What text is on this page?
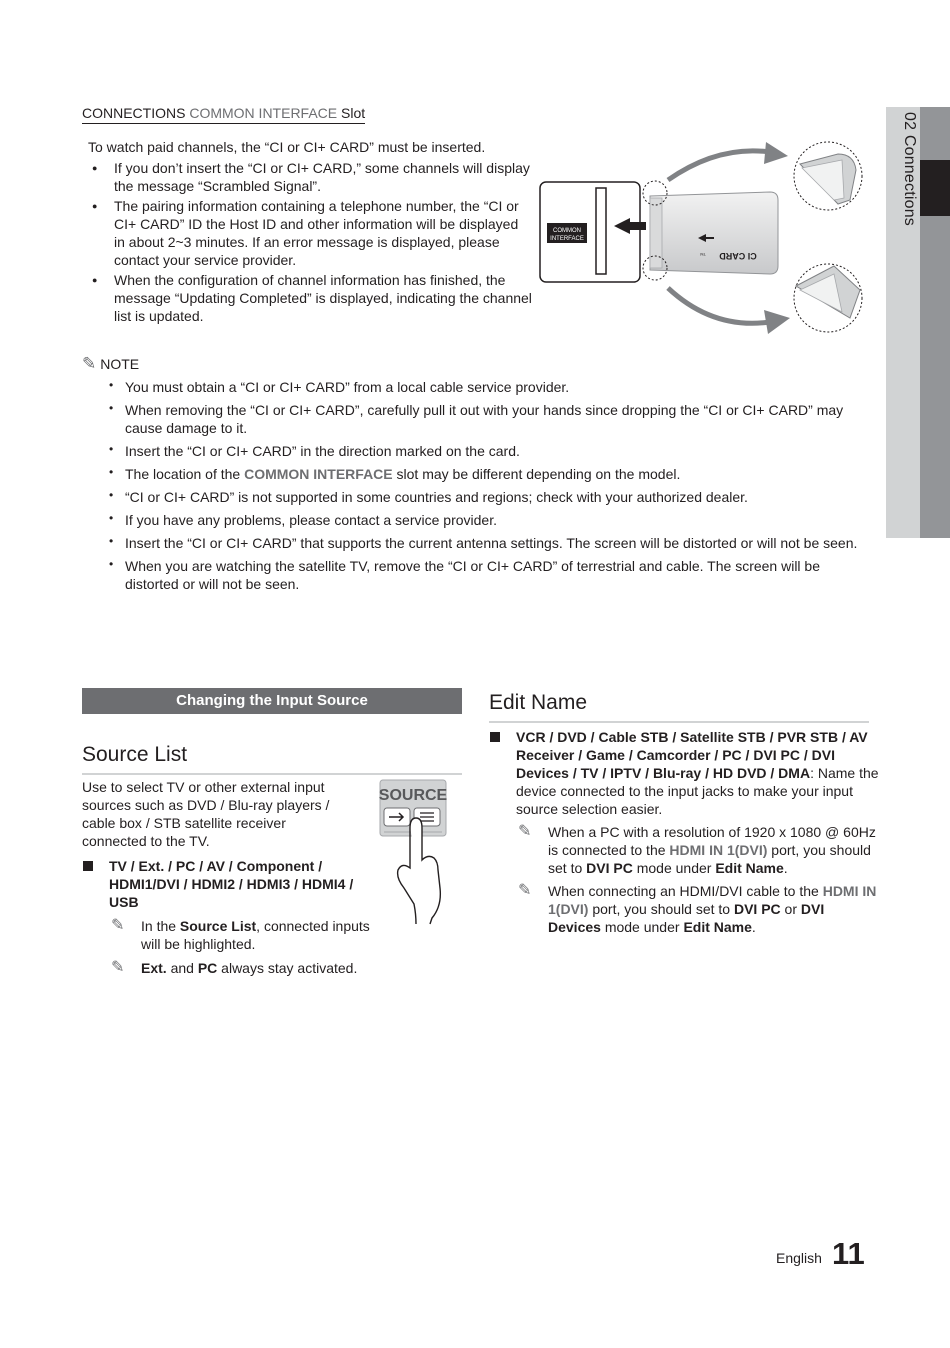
02 Connections
CONNECTIONS COMMON INTERFACE Slot
To watch paid channels, the “CI or CI+ CARD” must be inserted.
● If you don’t insert the “CI or CI+ CARD,” some channels will display the message “Scrambled Signal”.
● The pairing information containing a telephone number, the “CI or CI+ CARD” ID the Host ID and other information will be displayed in about 2~3 minutes. If an error message is displayed, please contact your service provider.
● When the configuration of channel information has finished, the message “Updating Completed” is displayed, indicating the channel list is updated.
COMMON
INTERFACE
CI CARD
TM
✎ NOTE
• You must obtain a “CI or CI+ CARD” from a local cable service provider.
• When removing the “CI or CI+ CARD”, carefully pull it out with your hands since dropping the “CI or CI+ CARD” may cause damage to it.
• Insert the “CI or CI+ CARD” in the direction marked on the card.
• The location of the COMMON INTERFACE slot may be different depending on the model.
• “CI or CI+ CARD” is not supported in some countries and regions; check with your authorized dealer.
• If you have any problems, please contact a service provider.
• Insert the “CI or CI+ CARD” that supports the current antenna settings. The screen will be distorted or will not be seen.
• When you are watching the satellite TV, remove the “CI or CI+ CARD” of terrestrial and cable. The screen will be distorted or will not be seen.
Changing the Input Source
Source List
Use to select TV or other external input sources such as DVD / Blu-ray players / cable box / STB satellite receiver connected to the TV.
TV / Ext. / PC / AV / Component / HDMI1/DVI / HDMI2 / HDMI3 / HDMI4 / USB
✎ In the Source List, connected inputs will be highlighted.
✎ Ext. and PC always stay activated.
SOURCE
Edit Name
VCR / DVD / Cable STB / Satellite STB / PVR STB / AV Receiver / Game / Camcorder / PC / DVI PC / DVI Devices / TV / IPTV / Blu-ray / HD DVD / DMA: Name the device connected to the input jacks to make your input source selection easier.
✎ When a PC with a resolution of 1920 x 1080 @ 60Hz is connected to the HDMI IN 1(DVI) port, you should set to DVI PC mode under Edit Name.
✎ When connecting an HDMI/DVI cable to the HDMI IN 1(DVI) port, you should set to DVI PC or DVI Devices mode under Edit Name.
English 11
